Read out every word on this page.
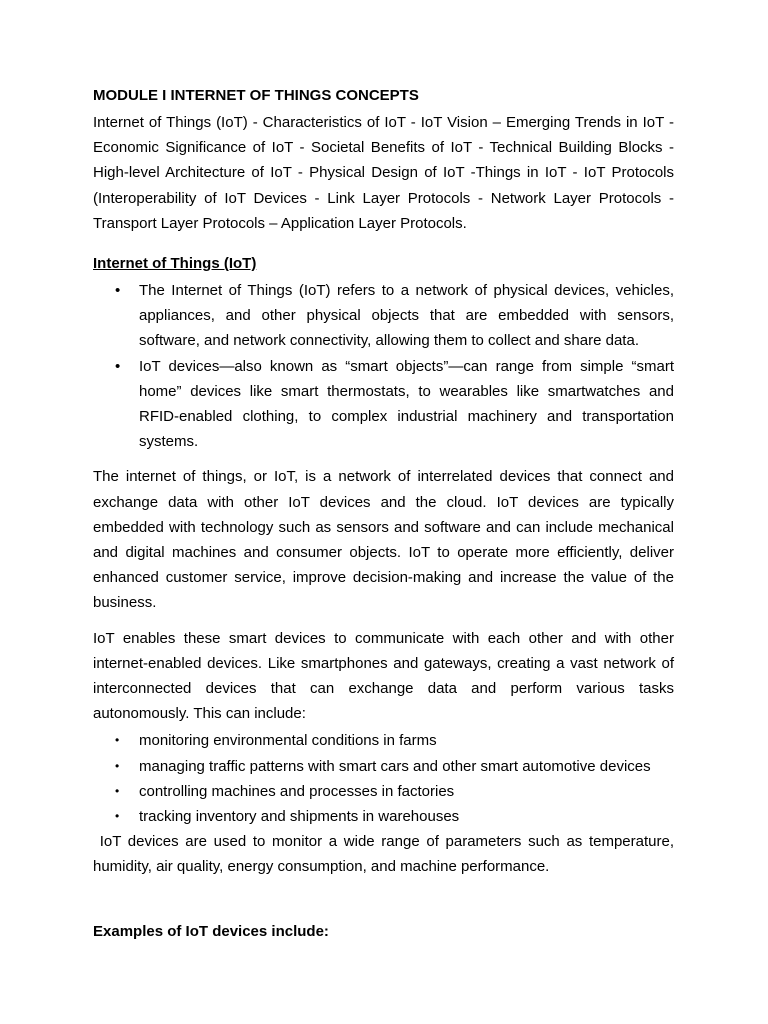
MODULE I INTERNET OF THINGS CONCEPTS

Internet of Things (IoT) - Characteristics of IoT - IoT Vision – Emerging Trends in IoT - Economic Significance of IoT - Societal Benefits of IoT - Technical Building Blocks - High-level Architecture of IoT - Physical Design of IoT -Things in IoT - IoT Protocols (Interoperability of IoT Devices - Link Layer Protocols - Network Layer Protocols - Transport Layer Protocols – Application Layer Protocols.

Internet of Things (IoT)

• The Internet of Things (IoT) refers to a network of physical devices, vehicles, appliances, and other physical objects that are embedded with sensors, software, and network connectivity, allowing them to collect and share data.
• IoT devices—also known as “smart objects”—can range from simple “smart home” devices like smart thermostats, to wearables like smartwatches and RFID-enabled clothing, to complex industrial machinery and transportation systems.

The internet of things, or IoT, is a network of interrelated devices that connect and exchange data with other IoT devices and the cloud. IoT devices are typically embedded with technology such as sensors and software and can include mechanical and digital machines and consumer objects. IoT to operate more efficiently, deliver enhanced customer service, improve decision-making and increase the value of the business.

IoT enables these smart devices to communicate with each other and with other internet-enabled devices. Like smartphones and gateways, creating a vast network of interconnected devices that can exchange data and perform various tasks autonomously. This can include:

• monitoring environmental conditions in farms
• managing traffic patterns with smart cars and other smart automotive devices
• controlling machines and processes in factories
• tracking inventory and shipments in warehouses

IoT devices are used to monitor a wide range of parameters such as temperature, humidity, air quality, energy consumption, and machine performance.

Examples of IoT devices include:
